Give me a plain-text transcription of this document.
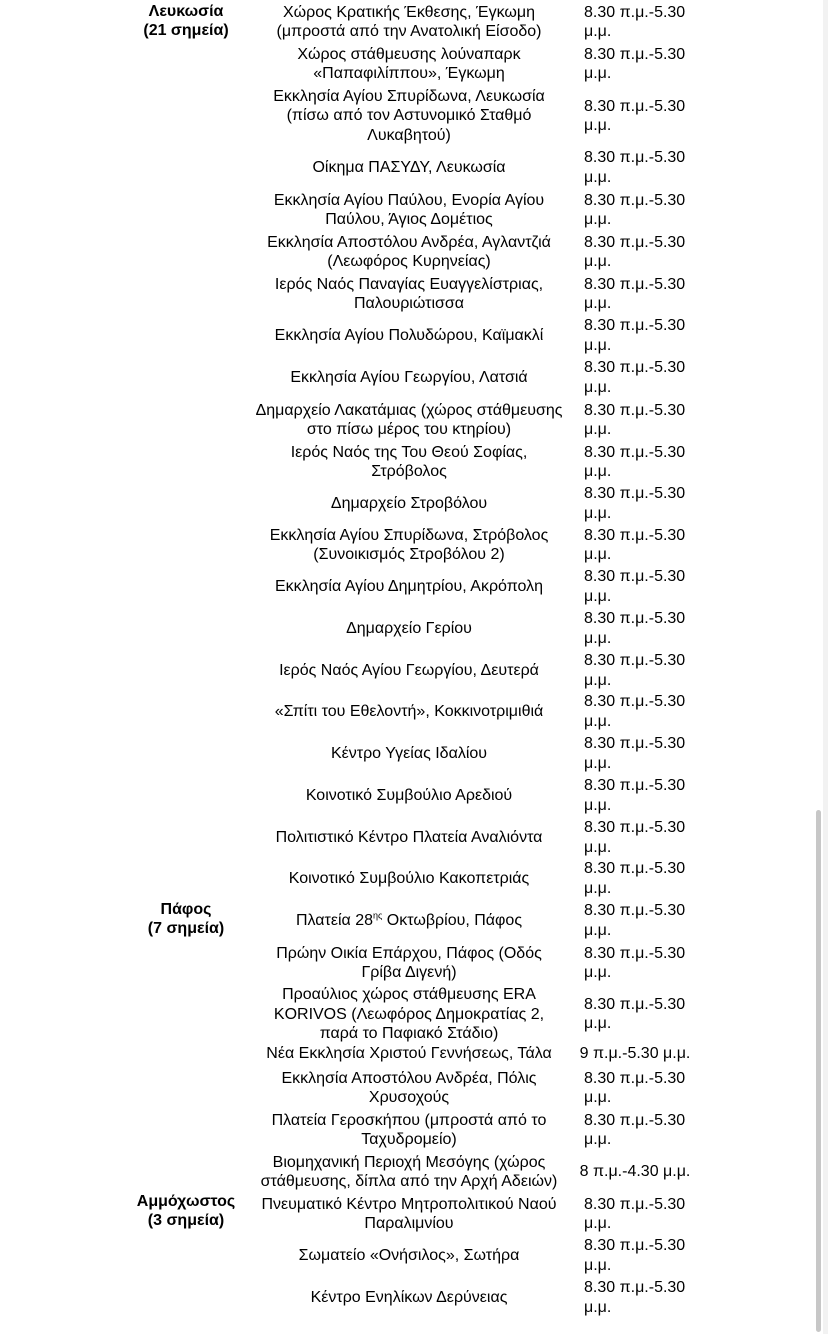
Λευκωσία
(21 σημεία)
Πάφος
(7 σημεία)
Αμμόχωστος
(3 σημεία)
Χώρος Κρατικής Έκθεσης, Έγκωμη
(μπροστά από την Ανατολική Είσοδο)
8.30 π.μ.-5.30
μ.μ.
Χώρος στάθμευσης λούναπαρκ
«Παπαφιλίππου», Έγκωμη
8.30 π.μ.-5.30
μ.μ.
Εκκλησία Αγίου Σπυρίδωνα, Λευκωσία
(πίσω από τον Αστυνομικό Σταθμό
Λυκαβητού)
8.30 π.μ.-5.30
μ.μ.
Οίκημα ΠΑΣΥΔΥ, Λευκωσία
8.30 π.μ.-5.30
μ.μ.
Εκκλησία Αγίου Παύλου, Ενορία Αγίου
Παύλου, Άγιος Δομέτιος
8.30 π.μ.-5.30
μ.μ.
Εκκλησία Αποστόλου Ανδρέα, Αγλαντζιά
(Λεωφόρος Κυρηνείας)
8.30 π.μ.-5.30
μ.μ.
Ιερός Ναός Παναγίας Ευαγγελίστριας,
Παλουριώτισσα
8.30 π.μ.-5.30
μ.μ.
Εκκλησία Αγίου Πολυδώρου, Καϊμακλί
8.30 π.μ.-5.30
μ.μ.
Εκκλησία Αγίου Γεωργίου, Λατσιά
8.30 π.μ.-5.30
μ.μ.
Δημαρχείο Λακατάμιας (χώρος στάθμευσης
στο πίσω μέρος του κτηρίου)
8.30 π.μ.-5.30
μ.μ.
Ιερός Ναός της Του Θεού Σοφίας,
Στρόβολος
8.30 π.μ.-5.30
μ.μ.
Δημαρχείο Στροβόλου
8.30 π.μ.-5.30
μ.μ.
Εκκλησία Αγίου Σπυρίδωνα, Στρόβολος
(Συνοικισμός Στροβόλου 2)
8.30 π.μ.-5.30
μ.μ.
Εκκλησία Αγίου Δημητρίου, Ακρόπολη
8.30 π.μ.-5.30
μ.μ.
Δημαρχείο Γερίου
8.30 π.μ.-5.30
μ.μ.
Ιερός Ναός Αγίου Γεωργίου, Δευτερά
8.30 π.μ.-5.30
μ.μ.
«Σπίτι του Εθελοντή», Κοκκινοτριμιθιά
8.30 π.μ.-5.30
μ.μ.
Κέντρο Υγείας Ιδαλίου
8.30 π.μ.-5.30
μ.μ.
Κοινοτικό Συμβούλιο Αρεδιού
8.30 π.μ.-5.30
μ.μ.
Πολιτιστικό Κέντρο Πλατεία Αναλιόντα
8.30 π.μ.-5.30
μ.μ.
Κοινοτικό Συμβούλιο Κακοπετριάς
8.30 π.μ.-5.30
μ.μ.
Πλατεία $28^{\eta\varsigma}$ Οκτωβρίου, Πάφος
8.30 π.μ.-5.30
μ.μ.
Πρώην Οικία Επάρχου, Πάφος (Οδός
Γρίβα Διγενή)
8.30 π.μ.-5.30
μ.μ.
Προαύλιος χώρος στάθμευσης ERA
KORIVOS (Λεωφόρος Δημοκρατίας 2,
παρά το Παφιακό Στάδιο)
8.30 π.μ.-5.30
μ.μ.
Νέα Εκκλησία Χριστού Γεννήσεως, Τάλα	9 π.μ.-5.30 μ.μ.
Εκκλησία Αποστόλου Ανδρέα, Πόλις
Χρυσοχούς
8.30 π.μ.-5.30
μ.μ.
Πλατεία Γεροσκήπου (μπροστά από το
Ταχυδρομείο)
8.30 π.μ.-5.30
μ.μ.
Βιομηχανική Περιοχή Μεσόγης (χώρος
στάθμευσης, δίπλα από την Αρχή Αδειών)
8 π.μ.-4.30 μ.μ.
Πνευματικό Κέντρο Μητροπολιτικού Ναού
Παραλιμνίου
8.30 π.μ.-5.30
μ.μ.
Σωματείο «Ονήσιλος», Σωτήρα
8.30 π.μ.-5.30
μ.μ.
Κέντρο Ενηλίκων Δερύνειας
8.30 π.μ.-5.30
μ.μ.
